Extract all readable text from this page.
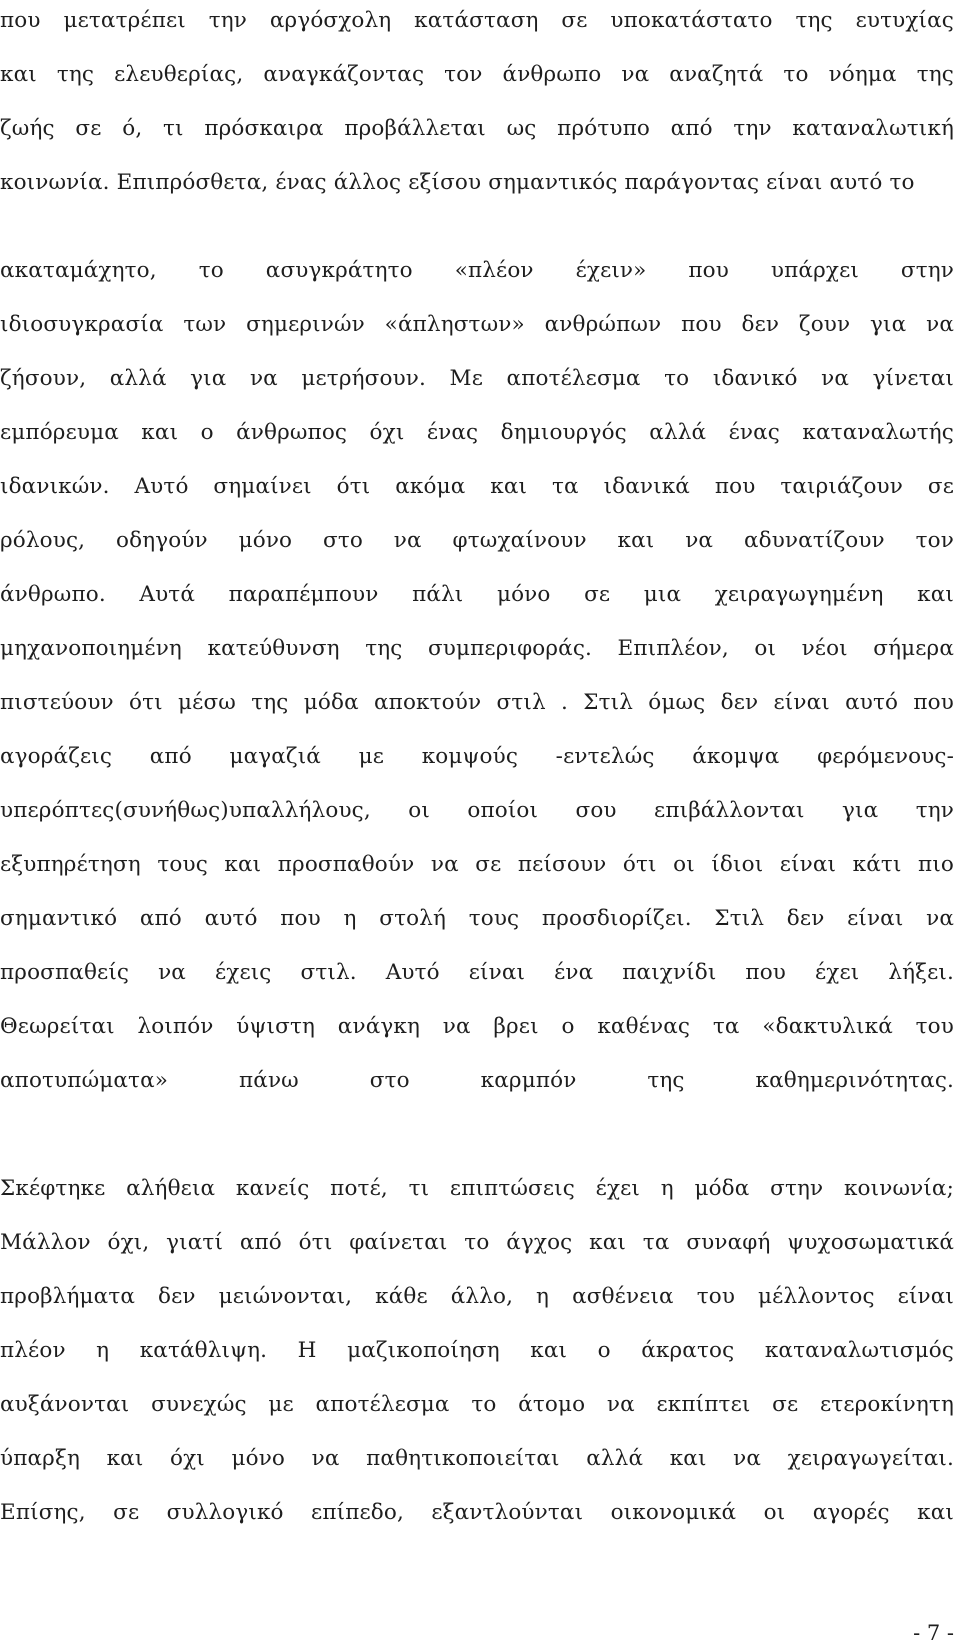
που μετατρέπει την αργόσχολη κατάσταση σε υποκατάστατο της ευτυχίας
και της ελευθερίας, αναγκάζοντας τον άνθρωπο να αναζητά το νόημα της
ζωής σε ό, τι πρόσκαιρα προβάλλεται ως πρότυπο από την καταναλωτική
κοινωνία. Επιπρόσθετα, ένας άλλος εξίσου σημαντικός παράγοντας είναι αυτό το
ακαταμάχητο, το ασυγκράτητο «πλέον έχειν» που υπάρχει στην
ιδιοσυγκρασία των σημερινών «άπληστων» ανθρώπων που δεν ζουν για να
ζήσουν, αλλά για να μετρήσουν. Με αποτέλεσμα το ιδανικό να γίνεται
εμπόρευμα και ο άνθρωπος όχι ένας δημιουργός αλλά ένας καταναλωτής
ιδανικών. Αυτό σημαίνει ότι ακόμα και τα ιδανικά που ταιριάζουν σε
ρόλους, οδηγούν μόνο στο να φτωχαίνουν και να αδυνατίζουν τον
άνθρωπο. Αυτά παραπέμπουν πάλι μόνο σε μια χειραγωγημένη και
μηχανοποιημένη κατεύθυνση της συμπεριφοράς. Επιπλέον, οι νέοι σήμερα
πιστεύουν ότι μέσω της μόδα αποκτούν στιλ . Στιλ όμως δεν είναι αυτό που
αγοράζεις από μαγαζιά με κομψούς -εντελώς άκομψα φερόμενους-
υπερόπτες(συνήθως)υπαλλήλους, οι οποίοι σου επιβάλλονται για την
εξυπηρέτηση τους και προσπαθούν να σε πείσουν ότι οι ίδιοι είναι κάτι πιο
σημαντικό από αυτό που η στολή τους προσδιορίζει. Στιλ δεν είναι να
προσπαθείς να έχεις στιλ. Αυτό είναι ένα παιχνίδι που έχει λήξει.
Θεωρείται λοιπόν ύψιστη ανάγκη να βρει ο καθένας τα «δακτυλικά του
αποτυπώματα» πάνω στο καρμπόν της καθημερινότητας.
Σκέφτηκε αλήθεια κανείς ποτέ, τι επιπτώσεις έχει η μόδα στην κοινωνία;
Μάλλον όχι, γιατί από ότι φαίνεται το άγχος και τα συναφή ψυχοσωματικά
προβλήματα δεν μειώνονται, κάθε άλλο, η ασθένεια του μέλλοντος είναι
πλέον η κατάθλιψη. Η μαζικοποίηση και ο άκρατος καταναλωτισμός
αυξάνονται συνεχώς με αποτέλεσμα το άτομο να εκπίπτει σε ετεροκίνητη
ύπαρξη και όχι μόνο να παθητικοποιείται αλλά και να χειραγωγείται.
Επίσης, σε συλλογικό επίπεδο, εξαντλούνται οικονομικά οι αγορές και
- 7 -
